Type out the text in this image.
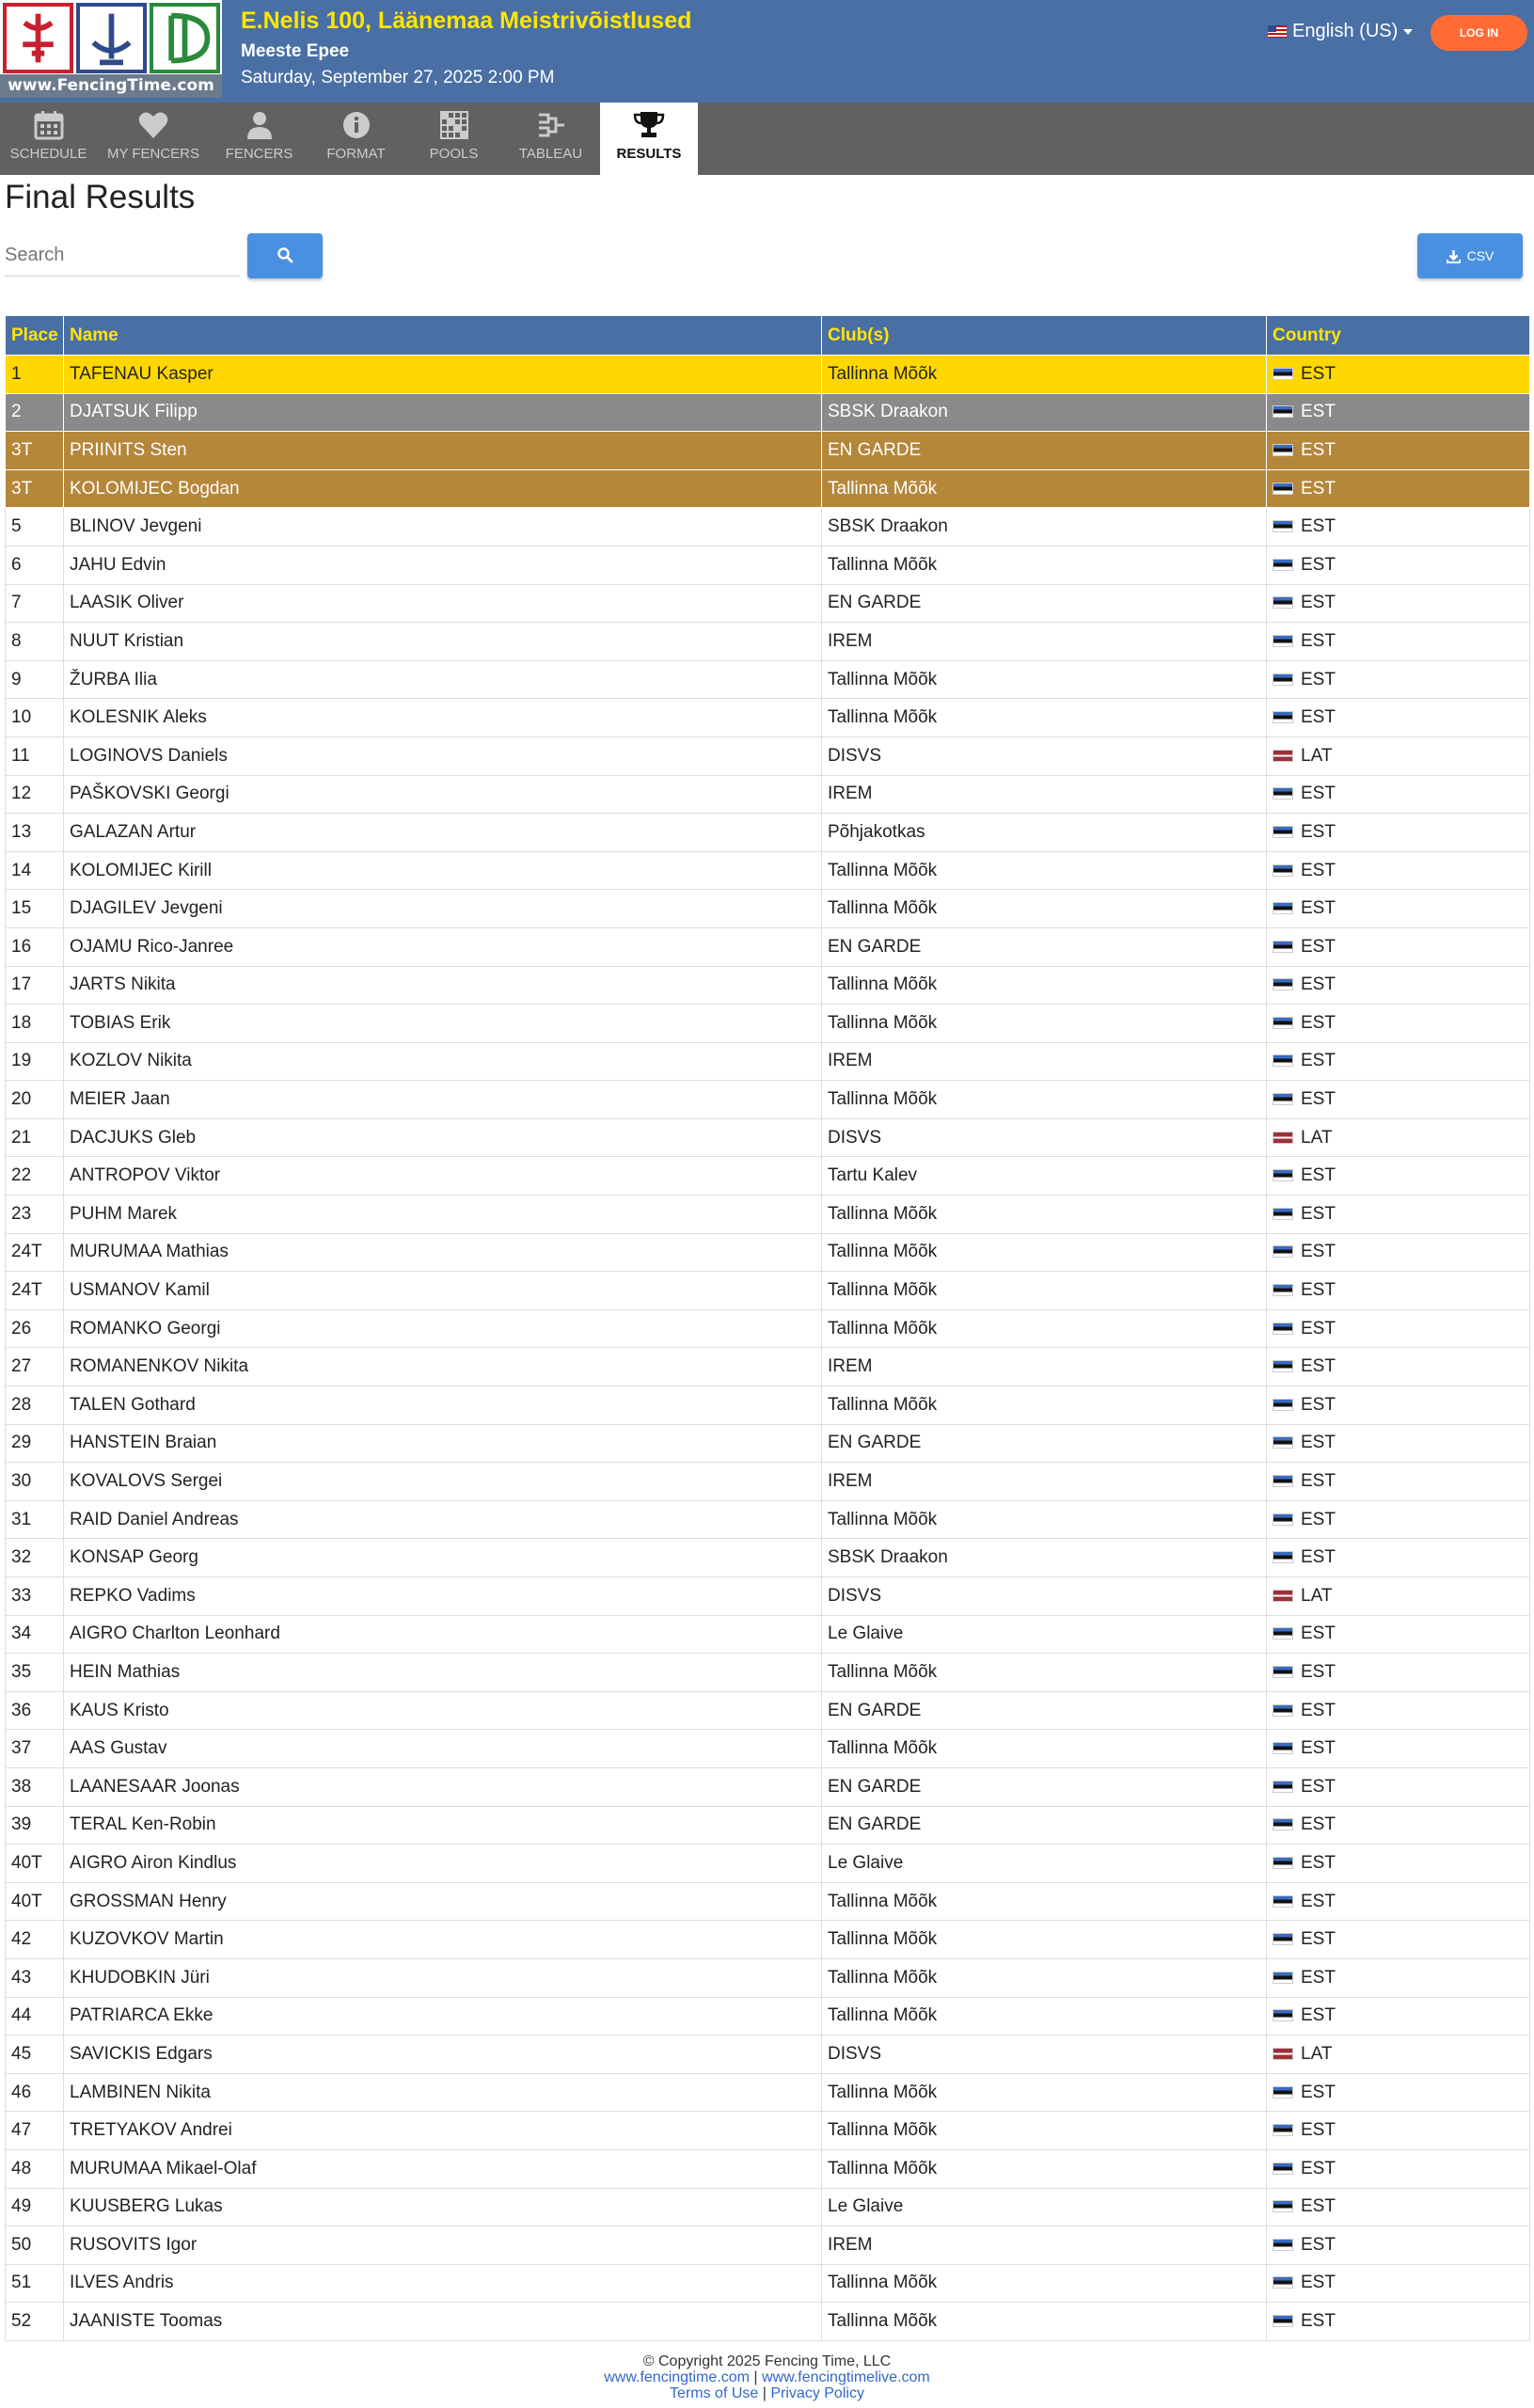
www.FencingTime.com
E.Nelis 100, Läänemaa Meistrivõistlused
Meeste Epee
Saturday, September 27, 2025 2:00 PM
English (US)	LOG IN
SCHEDULE	MY FENCERS	FENCERS	FORMAT	POOLS	TABLEAU	RESULTS
Final Results
Search
CSV
Place	Name	Club(s)	Country
1	TAFENAU Kasper	Tallinna Mõõk	EST
2	DJATSUK Filipp	SBSK Draakon	EST
3T	PRIINITS Sten	EN GARDE	EST
3T	KOLOMIJEC Bogdan	Tallinna Mõõk	EST
5	BLINOV Jevgeni	SBSK Draakon	EST
6	JAHU Edvin	Tallinna Mõõk	EST
7	LAASIK Oliver	EN GARDE	EST
8	NUUT Kristian	IREM	EST
9	ŽURBA Ilia	Tallinna Mõõk	EST
10	KOLESNIK Aleks	Tallinna Mõõk	EST
11	LOGINOVS Daniels	DISVS	LAT
12	PAŠKOVSKI Georgi	IREM	EST
13	GALAZAN Artur	Põhjakotkas	EST
14	KOLOMIJEC Kirill	Tallinna Mõõk	EST
15	DJAGILEV Jevgeni	Tallinna Mõõk	EST
16	OJAMU Rico-Janree	EN GARDE	EST
17	JARTS Nikita	Tallinna Mõõk	EST
18	TOBIAS Erik	Tallinna Mõõk	EST
19	KOZLOV Nikita	IREM	EST
20	MEIER Jaan	Tallinna Mõõk	EST
21	DACJUKS Gleb	DISVS	LAT
22	ANTROPOV Viktor	Tartu Kalev	EST
23	PUHM Marek	Tallinna Mõõk	EST
24T	MURUMAA Mathias	Tallinna Mõõk	EST
24T	USMANOV Kamil	Tallinna Mõõk	EST
26	ROMANKO Georgi	Tallinna Mõõk	EST
27	ROMANENKOV Nikita	IREM	EST
28	TALEN Gothard	Tallinna Mõõk	EST
29	HANSTEIN Braian	EN GARDE	EST
30	KOVALOVS Sergei	IREM	EST
31	RAID Daniel Andreas	Tallinna Mõõk	EST
32	KONSAP Georg	SBSK Draakon	EST
33	REPKO Vadims	DISVS	LAT
34	AIGRO Charlton Leonhard	Le Glaive	EST
35	HEIN Mathias	Tallinna Mõõk	EST
36	KAUS Kristo	EN GARDE	EST
37	AAS Gustav	Tallinna Mõõk	EST
38	LAANESAAR Joonas	EN GARDE	EST
39	TERAL Ken-Robin	EN GARDE	EST
40T	AIGRO Airon Kindlus	Le Glaive	EST
40T	GROSSMAN Henry	Tallinna Mõõk	EST
42	KUZOVKOV Martin	Tallinna Mõõk	EST
43	KHUDOBKIN Jüri	Tallinna Mõõk	EST
44	PATRIARCA Ekke	Tallinna Mõõk	EST
45	SAVICKIS Edgars	DISVS	LAT
46	LAMBINEN Nikita	Tallinna Mõõk	EST
47	TRETYAKOV Andrei	Tallinna Mõõk	EST
48	MURUMAA Mikael-Olaf	Tallinna Mõõk	EST
49	KUUSBERG Lukas	Le Glaive	EST
50	RUSOVITS Igor	IREM	EST
51	ILVES Andris	Tallinna Mõõk	EST
52	JAANISTE Toomas	Tallinna Mõõk	EST
© Copyright 2025 Fencing Time, LLC
www.fencingtime.com | www.fencingtimelive.com
Terms of Use | Privacy Policy
